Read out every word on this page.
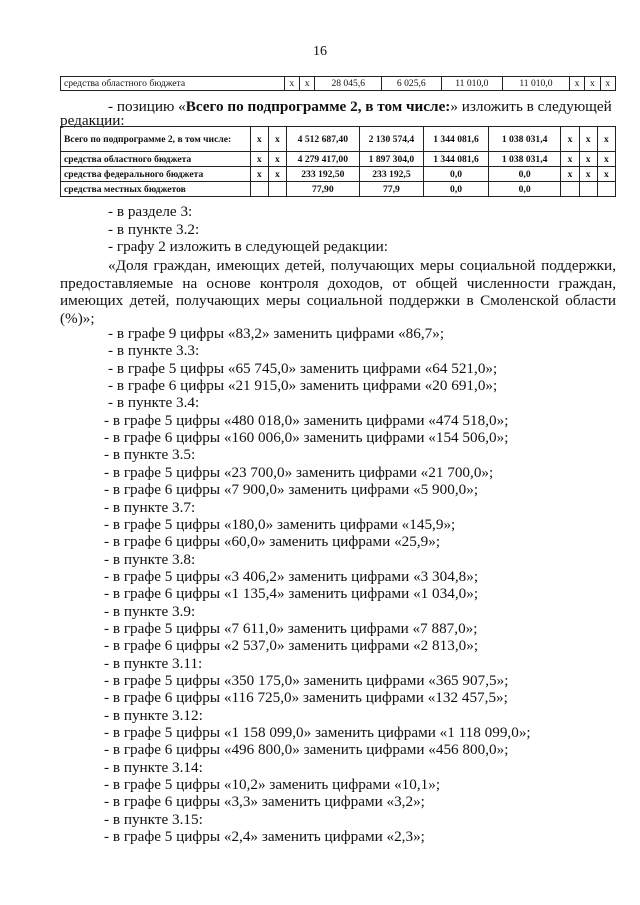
16
средства областного бюджета	х	х	28 045,6	6 025,6	11 010,0	11 010,0	х	х	х
- позицию «Всего по подпрограмме 2, в том числе:» изложить в следующей
редакции:
Всего по подпрограмме 2, в том числе:	х	х	4 512 687,40	2 130 574,4	1 344 081,6	1 038 031,4	х	х	х
средства областного бюджета	х	х	4 279 417,00	1 897 304,0	1 344 081,6	1 038 031,4	х	х	х
средства федерального бюджета	х	х	233 192,50	233 192,5	0,0	0,0	х	х	х
средства местных бюджетов			77,90	77,9	0,0	0,0			
- в разделе 3:
- в пункте 3.2:
- графу 2 изложить в следующей редакции:
«Доля граждан, имеющих детей, получающих меры социальной поддержки, предоставляемые на основе контроля доходов, от общей численности граждан, имеющих детей, получающих меры социальной поддержки в Смоленской области (%)»;
- в графе 9 цифры «83,2» заменить цифрами «86,7»;
- в пункте 3.3:
- в графе 5 цифры «65 745,0» заменить цифрами «64 521,0»;
- в графе 6 цифры «21 915,0» заменить цифрами «20 691,0»;
- в пункте 3.4:
- в графе 5 цифры «480 018,0» заменить цифрами «474 518,0»;
- в графе 6 цифры «160 006,0» заменить цифрами «154 506,0»;
- в пункте 3.5:
- в графе 5 цифры «23 700,0» заменить цифрами «21 700,0»;
- в графе 6 цифры «7 900,0» заменить цифрами «5 900,0»;
- в пункте 3.7:
- в графе 5 цифры «180,0» заменить цифрами «145,9»;
- в графе 6 цифры «60,0» заменить цифрами «25,9»;
- в пункте 3.8:
- в графе 5 цифры «3 406,2» заменить цифрами «3 304,8»;
- в графе 6 цифры «1 135,4» заменить цифрами «1 034,0»;
- в пункте 3.9:
- в графе 5 цифры «7 611,0» заменить цифрами «7 887,0»;
- в графе 6 цифры «2 537,0» заменить цифрами «2 813,0»;
- в пункте 3.11:
- в графе 5 цифры «350 175,0» заменить цифрами «365 907,5»;
- в графе 6 цифры «116 725,0» заменить цифрами «132 457,5»;
- в пункте 3.12:
- в графе 5 цифры «1 158 099,0» заменить цифрами «1 118 099,0»;
- в графе 6 цифры «496 800,0» заменить цифрами «456 800,0»;
- в пункте 3.14:
- в графе 5 цифры «10,2» заменить цифрами «10,1»;
- в графе 6 цифры «3,3» заменить цифрами «3,2»;
- в пункте 3.15:
- в графе 5 цифры «2,4» заменить цифрами «2,3»;
